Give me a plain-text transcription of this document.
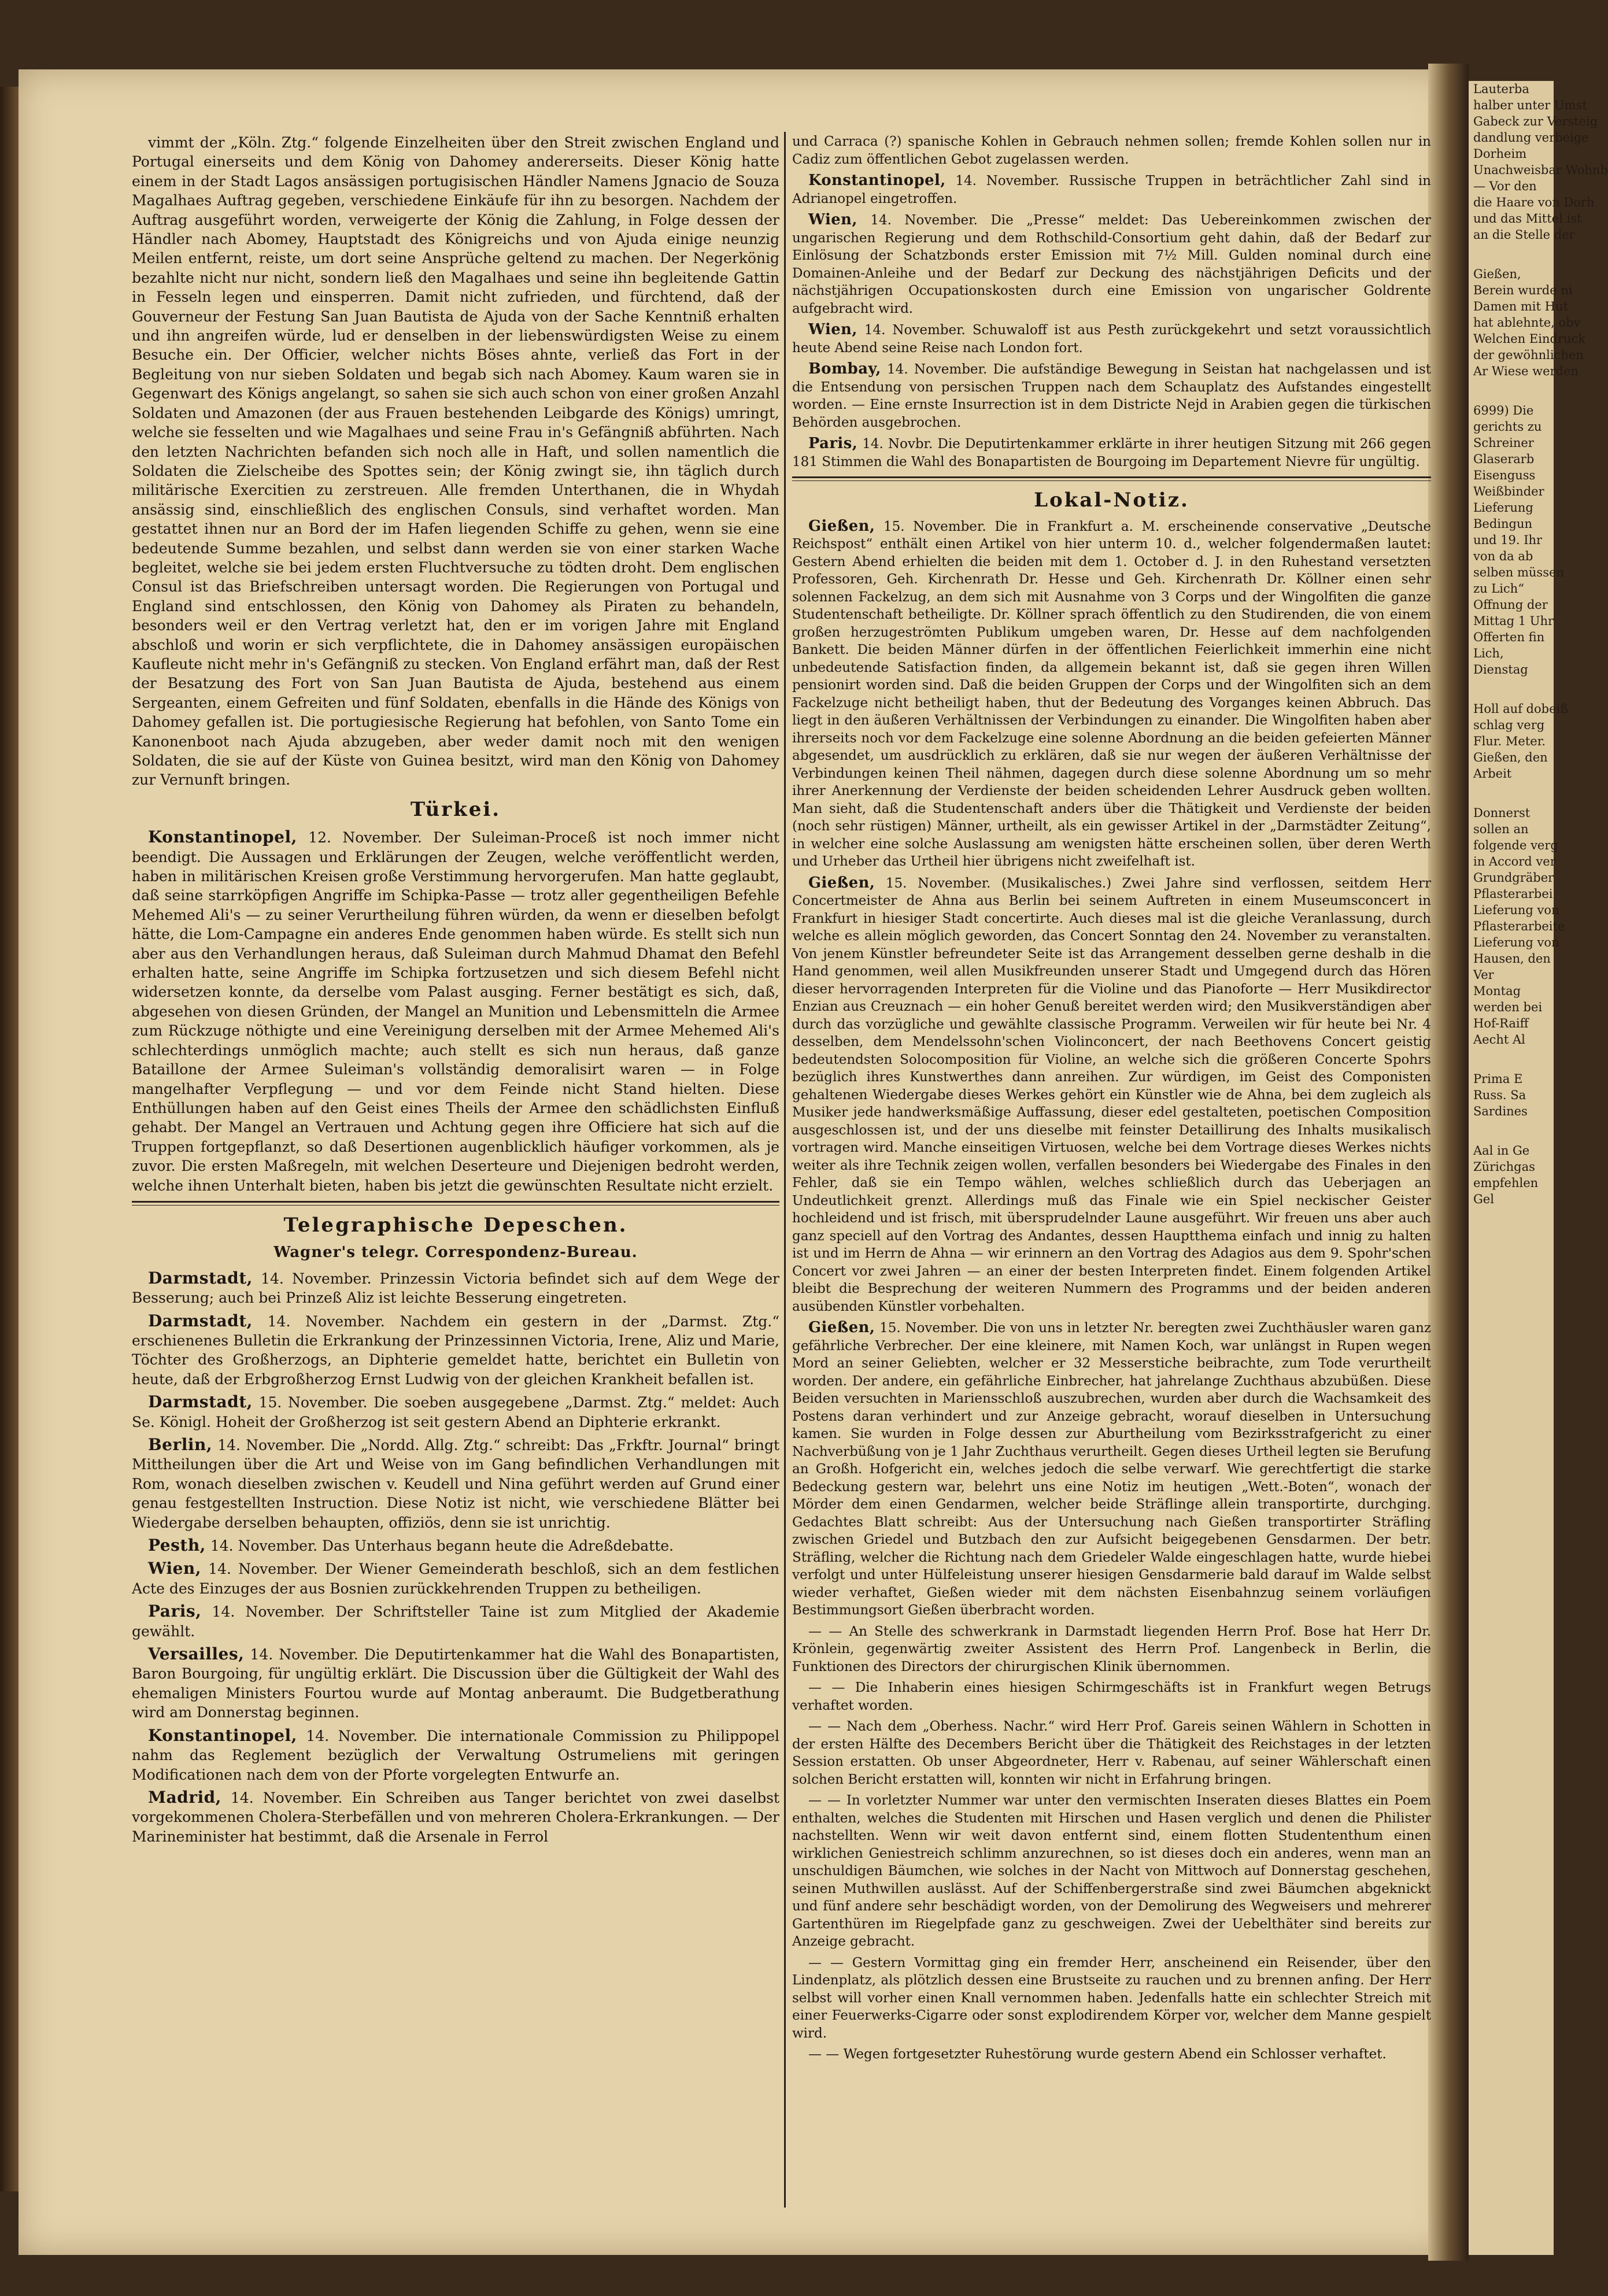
vimmt der „Köln. Ztg.“ folgende Einzelheiten über den Streit zwischen England und Portugal einerseits und dem König von Dahomey andererseits. Dieser König hatte einem in der Stadt Lagos ansässigen portugisischen Händler Namens Jgnacio de Souza Magalhaes Auftrag gegeben, verschiedene Einkäufe für ihn zu besorgen. Nachdem der Auftrag ausgeführt worden, verweigerte der König die Zahlung, in Folge dessen der Händler nach Abomey, Hauptstadt des Königreichs und von Ajuda einige neunzig Meilen entfernt, reiste, um dort seine Ansprüche geltend zu machen. Der Negerkönig bezahlte nicht nur nicht, sondern ließ den Magalhaes und seine ihn begleitende Gattin in Fesseln legen und einsperren. Damit nicht zufrieden, und fürchtend, daß der Gouverneur der Festung San Juan Bautista de Ajuda von der Sache Kenntniß erhalten und ihn angreifen würde, lud er denselben in der liebenswürdigsten Weise zu einem Besuche ein. Der Officier, welcher nichts Böses ahnte, verließ das Fort in der Begleitung von nur sieben Soldaten und begab sich nach Abomey. Kaum waren sie in Gegenwart des Königs angelangt, so sahen sie sich auch schon von einer großen Anzahl Soldaten und Amazonen (der aus Frauen bestehenden Leibgarde des Königs) umringt, welche sie fesselten und wie Magalhaes und seine Frau in's Gefängniß abführten. Nach den letzten Nachrichten befanden sich noch alle in Haft, und sollen namentlich die Soldaten die Zielscheibe des Spottes sein; der König zwingt sie, ihn täglich durch militärische Exercitien zu zerstreuen. Alle fremden Unterthanen, die in Whydah ansässig sind, einschließlich des englischen Consuls, sind verhaftet worden. Man gestattet ihnen nur an Bord der im Hafen liegenden Schiffe zu gehen, wenn sie eine bedeutende Summe bezahlen, und selbst dann werden sie von einer starken Wache begleitet, welche sie bei jedem ersten Fluchtversuche zu tödten droht. Dem englischen Consul ist das Briefschreiben untersagt worden. Die Regierungen von Portugal und England sind entschlossen, den König von Dahomey als Piraten zu behandeln, besonders weil er den Vertrag verletzt hat, den er im vorigen Jahre mit England abschloß und worin er sich verpflichtete, die in Dahomey ansässigen europäischen Kaufleute nicht mehr in's Gefängniß zu stecken. Von England erfährt man, daß der Rest der Besatzung des Fort von San Juan Bautista de Ajuda, bestehend aus einem Sergeanten, einem Gefreiten und fünf Soldaten, ebenfalls in die Hände des Königs von Dahomey gefallen ist. Die portugiesische Regierung hat befohlen, von Santo Tome ein Kanonenboot nach Ajuda abzugeben, aber weder damit noch mit den wenigen Soldaten, die sie auf der Küste von Guinea besitzt, wird man den König von Dahomey zur Vernunft bringen.

Türkei.

Konstantinopel, 12. November. Der Suleiman-Proceß ist noch immer nicht beendigt. Die Aussagen und Erklärungen der Zeugen, welche veröffentlicht werden, haben in militärischen Kreisen große Verstimmung hervorgerufen. Man hatte geglaubt, daß seine starrköpfigen Angriffe im Schipka-Passe — trotz aller gegentheiligen Befehle Mehemed Ali's — zu seiner Verurtheilung führen würden, da wenn er dieselben befolgt hätte, die Lom-Campagne ein anderes Ende genommen haben würde. Es stellt sich nun aber aus den Verhandlungen heraus, daß Suleiman durch Mahmud Dhamat den Befehl erhalten hatte, seine Angriffe im Schipka fortzusetzen und sich diesem Befehl nicht widersetzen konnte, da derselbe vom Palast ausging. Ferner bestätigt es sich, daß, abgesehen von diesen Gründen, der Mangel an Munition und Lebensmitteln die Armee zum Rückzuge nöthigte und eine Vereinigung derselben mit der Armee Mehemed Ali's schlechterdings unmöglich machte; auch stellt es sich nun heraus, daß ganze Bataillone der Armee Suleiman's vollständig demoralisirt waren — in Folge mangelhafter Verpflegung — und vor dem Feinde nicht Stand hielten. Diese Enthüllungen haben auf den Geist eines Theils der Armee den schädlichsten Einfluß gehabt. Der Mangel an Vertrauen und Achtung gegen ihre Officiere hat sich auf die Truppen fortgepflanzt, so daß Desertionen augenblicklich häufiger vorkommen, als je zuvor. Die ersten Maßregeln, mit welchen Deserteure und Diejenigen bedroht werden, welche ihnen Unterhalt bieten, haben bis jetzt die gewünschten Resultate nicht erzielt.

Telegraphische Depeschen.
Wagner's telegr. Correspondenz-Bureau.

Darmstadt, 14. November. Prinzessin Victoria befindet sich auf dem Wege der Besserung; auch bei Prinzeß Aliz ist leichte Besserung eingetreten.

Darmstadt, 14. November. Nachdem ein gestern in der „Darmst. Ztg.“ erschienenes Bulletin die Erkrankung der Prinzessinnen Victoria, Irene, Aliz und Marie, Töchter des Großherzogs, an Diphterie gemeldet hatte, berichtet ein Bulletin von heute, daß der Erbgroßherzog Ernst Ludwig von der gleichen Krankheit befallen ist.

Darmstadt, 15. November. Die soeben ausgegebene „Darmst. Ztg.“ meldet: Auch Se. Königl. Hoheit der Großherzog ist seit gestern Abend an Diphterie erkrankt.

Berlin, 14. November. Die „Nordd. Allg. Ztg.“ schreibt: Das „Frkftr. Journal“ bringt Mittheilungen über die Art und Weise von im Gang befindlichen Verhandlungen mit Rom, wonach dieselben zwischen v. Keudell und Nina geführt werden auf Grund einer genau festgestellten Instruction. Diese Notiz ist nicht, wie verschiedene Blätter bei Wiedergabe derselben behaupten, offiziös, denn sie ist unrichtig.

Pesth, 14. November. Das Unterhaus begann heute die Adreßdebatte.

Wien, 14. November. Der Wiener Gemeinderath beschloß, sich an dem festlichen Acte des Einzuges der aus Bosnien zurückkehrenden Truppen zu betheiligen.

Paris, 14. November. Der Schriftsteller Taine ist zum Mitglied der Akademie gewählt.

Versailles, 14. November. Die Deputirtenkammer hat die Wahl des Bonapartisten, Baron Bourgoing, für ungültig erklärt. Die Discussion über die Gültigkeit der Wahl des ehemaligen Ministers Fourtou wurde auf Montag anberaumt. Die Budgetberathung wird am Donnerstag beginnen.

Konstantinopel, 14. November. Die internationale Commission zu Philippopel nahm das Reglement bezüglich der Verwaltung Ostrumeliens mit geringen Modificationen nach dem von der Pforte vorgelegten Entwurfe an.

Madrid, 14. November. Ein Schreiben aus Tanger berichtet von zwei daselbst vorgekommenen Cholera-Sterbefällen und von mehreren Cholera-Erkrankungen. — Der Marineminister hat bestimmt, daß die Arsenale in Ferrol

und Carraca (?) spanische Kohlen in Gebrauch nehmen sollen; fremde Kohlen sollen nur in Cadiz zum öffentlichen Gebot zugelassen werden.

Konstantinopel, 14. November. Russische Truppen in beträchtlicher Zahl sind in Adrianopel eingetroffen.

Wien, 14. November. Die „Presse“ meldet: Das Uebereinkommen zwischen der ungarischen Regierung und dem Rothschild-Consortium geht dahin, daß der Bedarf zur Einlösung der Schatzbonds erster Emission mit 7½ Mill. Gulden nominal durch eine Domainen-Anleihe und der Bedarf zur Deckung des nächstjährigen Deficits und der nächstjährigen Occupationskosten durch eine Emission von ungarischer Goldrente aufgebracht wird.

Wien, 14. November. Schuwaloff ist aus Pesth zurückgekehrt und setzt voraussichtlich heute Abend seine Reise nach London fort.

Bombay, 14. November. Die aufständige Bewegung in Seistan hat nachgelassen und ist die Entsendung von persischen Truppen nach dem Schauplatz des Aufstandes eingestellt worden. — Eine ernste Insurrection ist in dem Districte Nejd in Arabien gegen die türkischen Behörden ausgebrochen.

Paris, 14. Novbr. Die Deputirtenkammer erklärte in ihrer heutigen Sitzung mit 266 gegen 181 Stimmen die Wahl des Bonapartisten de Bourgoing im Departement Nievre für ungültig.

Lokal-Notiz.

Gießen, 15. November. Die in Frankfurt a. M. erscheinende conservative „Deutsche Reichspost“ enthält einen Artikel von hier unterm 10. d., welcher folgendermaßen lautet: Gestern Abend erhielten die beiden mit dem 1. October d. J. in den Ruhestand versetzten Professoren, Geh. Kirchenrath Dr. Hesse und Geh. Kirchenrath Dr. Köllner einen sehr solennen Fackelzug, an dem sich mit Ausnahme von 3 Corps und der Wingolfiten die ganze Studentenschaft betheiligte. Dr. Köllner sprach öffentlich zu den Studirenden, die von einem großen herzugeströmten Publikum umgeben waren, Dr. Hesse auf dem nachfolgenden Bankett. Die beiden Männer dürfen in der öffentlichen Feierlichkeit immerhin eine nicht unbedeutende Satisfaction finden, da allgemein bekannt ist, daß sie gegen ihren Willen pensionirt worden sind. Daß die beiden Gruppen der Corps und der Wingolfiten sich an dem Fackelzuge nicht betheiligt haben, thut der Bedeutung des Vorganges keinen Abbruch. Das liegt in den äußeren Verhältnissen der Verbindungen zu einander. Die Wingolfiten haben aber ihrerseits noch vor dem Fackelzuge eine solenne Abordnung an die beiden gefeierten Männer abgesendet, um ausdrücklich zu erklären, daß sie nur wegen der äußeren Verhältnisse der Verbindungen keinen Theil nähmen, dagegen durch diese solenne Abordnung um so mehr ihrer Anerkennung der Verdienste der beiden scheidenden Lehrer Ausdruck geben wollten. Man sieht, daß die Studentenschaft anders über die Thätigkeit und Verdienste der beiden (noch sehr rüstigen) Männer, urtheilt, als ein gewisser Artikel in der „Darmstädter Zeitung“, in welcher eine solche Auslassung am wenigsten hätte erscheinen sollen, über deren Werth und Urheber das Urtheil hier übrigens nicht zweifelhaft ist.

Gießen, 15. November. (Musikalisches.) Zwei Jahre sind verflossen, seitdem Herr Concertmeister de Ahna aus Berlin bei seinem Auftreten in einem Museumsconcert in Frankfurt in hiesiger Stadt concertirte. Auch dieses mal ist die gleiche Veranlassung, durch welche es allein möglich geworden, das Concert Sonntag den 24. November zu veranstalten. Von jenem Künstler befreundeter Seite ist das Arrangement desselben gerne deshalb in die Hand genommen, weil allen Musikfreunden unserer Stadt und Umgegend durch das Hören dieser hervorragenden Interpreten für die Violine und das Pianoforte — Herr Musikdirector Enzian aus Creuznach — ein hoher Genuß bereitet werden wird; den Musikverständigen aber durch das vorzügliche und gewählte classische Programm. Verweilen wir für heute bei Nr. 4 desselben, dem Mendelssohn'schen Violinconcert, der nach Beethovens Concert geistig bedeutendsten Solocomposition für Violine, an welche sich die größeren Concerte Spohrs bezüglich ihres Kunstwerthes dann anreihen. Zur würdigen, im Geist des Componisten gehaltenen Wiedergabe dieses Werkes gehört ein Künstler wie de Ahna, bei dem zugleich als Musiker jede handwerksmäßige Auffassung, dieser edel gestalteten, poetischen Composition ausgeschlossen ist, und der uns dieselbe mit feinster Detaillirung des Inhalts musikalisch vortragen wird. Manche einseitigen Virtuosen, welche bei dem Vortrage dieses Werkes nichts weiter als ihre Technik zeigen wollen, verfallen besonders bei Wiedergabe des Finales in den Fehler, daß sie ein Tempo wählen, welches schließlich durch das Ueberjagen an Undeutlichkeit grenzt. Allerdings muß das Finale wie ein Spiel neckischer Geister hochleidend und ist frisch, mit übersprudelnder Laune ausgeführt. Wir freuen uns aber auch ganz speciell auf den Vortrag des Andantes, dessen Hauptthema einfach und innig zu halten ist und im Herrn de Ahna — wir erinnern an den Vortrag des Adagios aus dem 9. Spohr'schen Concert vor zwei Jahren — an einer der besten Interpreten findet. Einem folgenden Artikel bleibt die Besprechung der weiteren Nummern des Programms und der beiden anderen ausübenden Künstler vorbehalten.

Gießen, 15. November. Die von uns in letzter Nr. beregten zwei Zuchthäusler waren ganz gefährliche Verbrecher. Der eine kleinere, mit Namen Koch, war unlängst in Rupen wegen Mord an seiner Geliebten, welcher er 32 Messerstiche beibrachte, zum Tode verurtheilt worden. Der andere, ein gefährliche Einbrecher, hat jahrelange Zuchthaus abzubüßen. Diese Beiden versuchten in Mariensschloß auszubrechen, wurden aber durch die Wachsamkeit des Postens daran verhindert und zur Anzeige gebracht, worauf dieselben in Untersuchung kamen. Sie wurden in Folge dessen zur Aburtheilung vom Bezirksstrafgericht zu einer Nachverbüßung von je 1 Jahr Zuchthaus verurtheilt. Gegen dieses Urtheil legten sie Berufung an Großh. Hofgericht ein, welches jedoch die selbe verwarf. Wie gerechtfertigt die starke Bedeckung gestern war, belehrt uns eine Notiz im heutigen „Wett.-Boten“, wonach der Mörder dem einen Gendarmen, welcher beide Sträflinge allein transportirte, durchging. Gedachtes Blatt schreibt: Aus der Untersuchung nach Gießen transportirter Sträfling zwischen Griedel und Butzbach den zur Aufsicht beigegebenen Gensdarmen. Der betr. Sträfling, welcher die Richtung nach dem Griedeler Walde eingeschlagen hatte, wurde hiebei verfolgt und unter Hülfeleistung unserer hiesigen Gensdarmerie bald darauf im Walde selbst wieder verhaftet, Gießen wieder mit dem nächsten Eisenbahnzug seinem vorläufigen Bestimmungsort Gießen überbracht worden.

— — An Stelle des schwerkrank in Darmstadt liegenden Herrn Prof. Bose hat Herr Dr. Krönlein, gegenwärtig zweiter Assistent des Herrn Prof. Langenbeck in Berlin, die Funktionen des Directors der chirurgischen Klinik übernommen.

— — Die Inhaberin eines hiesigen Schirmgeschäfts ist in Frankfurt wegen Betrugs verhaftet worden.

— — Nach dem „Oberhess. Nachr.“ wird Herr Prof. Gareis seinen Wählern in Schotten in der ersten Hälfte des Decembers Bericht über die Thätigkeit des Reichstages in der letzten Session erstatten. Ob unser Abgeordneter, Herr v. Rabenau, auf seiner Wählerschaft einen solchen Bericht erstatten will, konnten wir nicht in Erfahrung bringen.

— — In vorletzter Nummer war unter den vermischten Inseraten dieses Blattes ein Poem enthalten, welches die Studenten mit Hirschen und Hasen verglich und denen die Philister nachstellten. Wenn wir weit davon entfernt sind, einem flotten Studententhum einen wirklichen Geniestreich schlimm anzurechnen, so ist dieses doch ein anderes, wenn man an unschuldigen Bäumchen, wie solches in der Nacht von Mittwoch auf Donnerstag geschehen, seinen Muthwillen auslässt. Auf der Schiffenbergerstraße sind zwei Bäumchen abgeknickt und fünf andere sehr beschädigt worden, von der Demolirung des Wegweisers und mehrerer Gartenthüren im Riegelpfade ganz zu geschweigen. Zwei der Uebelthäter sind bereits zur Anzeige gebracht.

— — Gestern Vormittag ging ein fremder Herr, anscheinend ein Reisender, über den Lindenplatz, als plötzlich dessen eine Brustseite zu rauchen und zu brennen anfing. Der Herr selbst will vorher einen Knall vernommen haben. Jedenfalls hatte ein schlechter Streich mit einer Feuerwerks-Cigarre oder sonst explodirendem Körper vor, welcher dem Manne gespielt wird.

— — Wegen fortgesetzter Ruhestörung wurde gestern Abend ein Schlosser verhaftet.

Lauterba
halber unter Umst
Gabeck zur Versteig
dandlung verbeige
Dorheim
Unachweisbar Wohnb
— Vor den
die Haare von Dorh
und das Mittel ist
an die Stelle der
Gießen,
Berein wurde ni
Damen mit Hut
hat ablehnte, obv
Welchen Eindruck
der gewöhnlichen
Ar Wiese werden
6999) Die
gerichts zu
Schreiner
Glaserarb
Eisenguss
Weißbinder
Lieferung
Bedingun
und 19. Ihr
von da ab
selben müssen
zu Lich“
Offnung der
Mittag 1 Uhr
Offerten fin
Lich,
Dienstag
Holl auf dobeiß
schlag verg
Flur. Meter.
Gießen, den
Arbeit
Donnerst
sollen an
folgende verg
in Accord ver
Grundgräber
Pflasterarbei
Lieferung von
Pflasterarbeite
Lieferung von
Hausen, den
Ver
Montag
werden bei
Hof-Raiff
Aecht Al
Prima E
Russ. Sa
Sardines
Aal in Ge
Zürichgas
empfehlen
Gel
